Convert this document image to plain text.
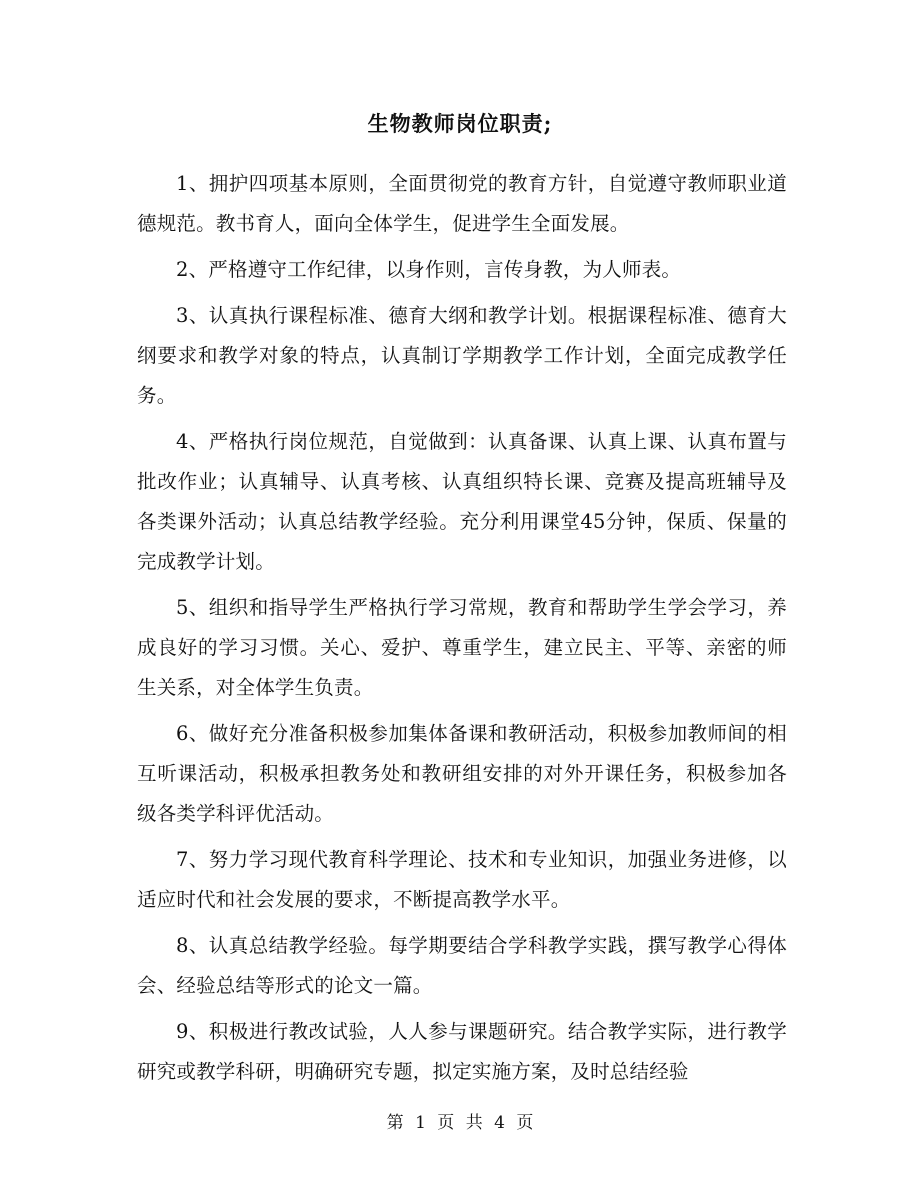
生物教师岗位职责;

1、拥护四项基本原则，全面贯彻党的教育方针，自觉遵守教师职业道德规范。教书育人，面向全体学生，促进学生全面发展。

2、严格遵守工作纪律，以身作则，言传身教，为人师表。

3、认真执行课程标准、德育大纲和教学计划。根据课程标准、德育大纲要求和教学对象的特点，认真制订学期教学工作计划，全面完成教学任务。

4、严格执行岗位规范，自觉做到：认真备课、认真上课、认真布置与批改作业；认真辅导、认真考核、认真组织特长课、竞赛及提高班辅导及各类课外活动；认真总结教学经验。充分利用课堂45分钟，保质、保量的完成教学计划。

5、组织和指导学生严格执行学习常规，教育和帮助学生学会学习，养成良好的学习习惯。关心、爱护、尊重学生，建立民主、平等、亲密的师生关系，对全体学生负责。

6、做好充分准备积极参加集体备课和教研活动，积极参加教师间的相互听课活动，积极承担教务处和教研组安排的对外开课任务，积极参加各级各类学科评优活动。

7、努力学习现代教育科学理论、技术和专业知识，加强业务进修，以适应时代和社会发展的要求，不断提高教学水平。

8、认真总结教学经验。每学期要结合学科教学实践，撰写教学心得体会、经验总结等形式的论文一篇。

9、积极进行教改试验，人人参与课题研究。结合教学实际，进行教学研究或教学科研，明确研究专题，拟定实施方案，及时总结经验

第 1 页 共 4 页
